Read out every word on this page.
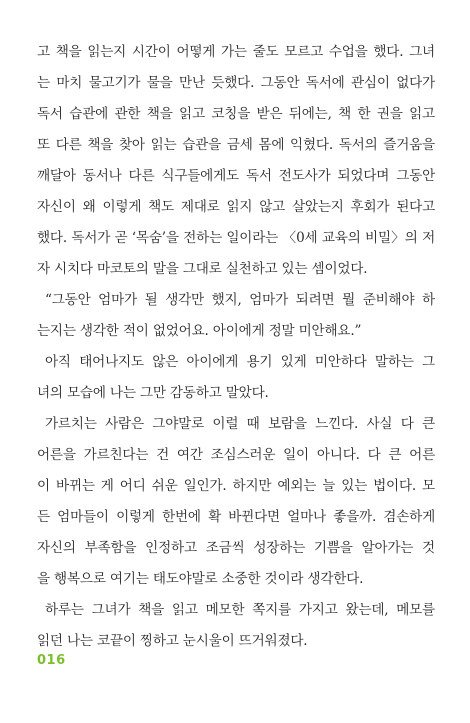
고 책을 읽는지 시간이 어떻게 가는 줄도 모르고 수업을 했다. 그녀
는 마치 물고기가 물을 만난 듯했다. 그동안 독서에 관심이 없다가
독서 습관에 관한 책을 읽고 코칭을 받은 뒤에는, 책 한 권을 읽고
또 다른 책을 찾아 읽는 습관을 금세 몸에 익혔다. 독서의 즐거움을
깨달아 동서나 다른 식구들에게도 독서 전도사가 되었다며 그동안
자신이 왜 이렇게 책도 제대로 읽지 않고 살았는지 후회가 된다고
했다. 독서가 곧 ‘목숨’을 전하는 일이라는 〈0세 교육의 비밀〉의 저
자 시치다 마코토의 말을 그대로 실천하고 있는 셈이었다.
“그동안 엄마가 될 생각만 했지, 엄마가 되려면 뭘 준비해야 하
는지는 생각한 적이 없었어요. 아이에게 정말 미안해요.”
아직 태어나지도 않은 아이에게 용기 있게 미안하다 말하는 그
녀의 모습에 나는 그만 감동하고 말았다.
가르치는 사람은 그야말로 이럴 때 보람을 느낀다. 사실 다 큰
어른을 가르친다는 건 여간 조심스러운 일이 아니다. 다 큰 어른
이 바뀌는 게 어디 쉬운 일인가. 하지만 예외는 늘 있는 법이다. 모
든 엄마들이 이렇게 한번에 확 바뀐다면 얼마나 좋을까. 겸손하게
자신의 부족함을 인정하고 조금씩 성장하는 기쁨을 알아가는 것
을 행복으로 여기는 태도야말로 소중한 것이라 생각한다.
하루는 그녀가 책을 읽고 메모한 쪽지를 가지고 왔는데, 메모를
읽던 나는 코끝이 찡하고 눈시울이 뜨거워졌다.
016
